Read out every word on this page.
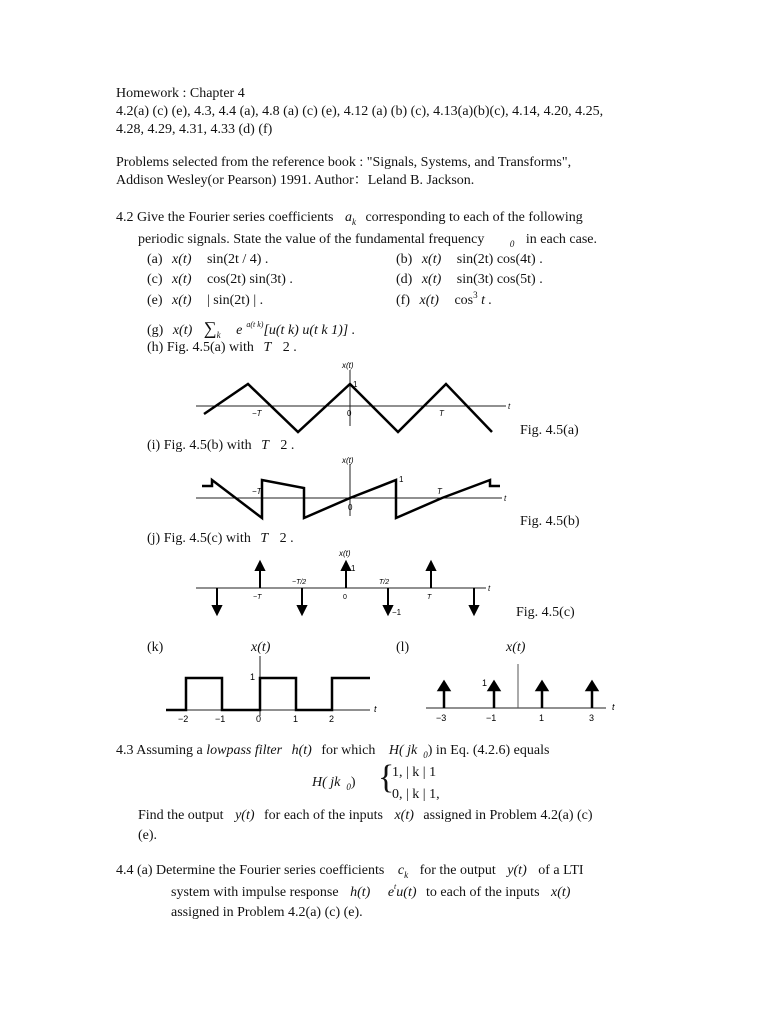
Homework : Chapter 4
4.2(a) (c) (e), 4.3, 4.4 (a), 4.8 (a) (c) (e), 4.12 (a) (b) (c), 4.13(a)(b)(c), 4.14, 4.20, 4.25,
4.28, 4.29, 4.31, 4.33 (d) (f)
Problems selected from the reference book : "Signals, Systems, and Transforms",
Addison Wesley(or Pearson) 1991. Author：Leland B. Jackson.
4.2 Give the Fourier series coefficients $a_k$ corresponding to each of the following
periodic signals. State the value of the fundamental frequency	$_0$ in each case.
(a) x(t) sin(2t / 4) .	(b) x(t) sin(2t) cos(4t) .
(c) x(t) cos(2t) sin(3t) .	(d) x(t) sin(3t) cos(5t) .
(e) x(t) | sin(2t) | .	(f) x(t) $\cos^3 t$ .
(g) x(t) $\sum_k$ e $^{a(t k)}$[u(t k) u(t k 1)] .
(h) Fig. 4.5(a) with T 2 .
x(t)
1
t
−T	0	T
Fig. 4.5(a)
(i) Fig. 4.5(b) with T 2 .
x(t)
1
t
−T
0
T
Fig. 4.5(b)
(j) Fig. 4.5(c) with T 2 .
x(t)
1
t
−T/2	T/2
−T	0	T
−1	Fig. 4.5(c)
(k)	x(t)	(l)	x(t)
1
t
−2	−1	0	1	2
1
t
−3	−1	1	3
4.3 Assuming a lowpass filter h(t) for which H( jk $_0$) in Eq. (4.2.6) equals
H( jk $_0$) {
1, | k | 1
0, | k | 1,
Find the output y(t) for each of the inputs x(t) assigned in Problem 4.2(a) (c)
(e).
4.4 (a) Determine the Fourier series coefficients $c_k$ for the output y(t) of a LTI
system with impulse response h(t) $e^tu(t)$ to each of the inputs x(t)
assigned in Problem 4.2(a) (c) (e).
